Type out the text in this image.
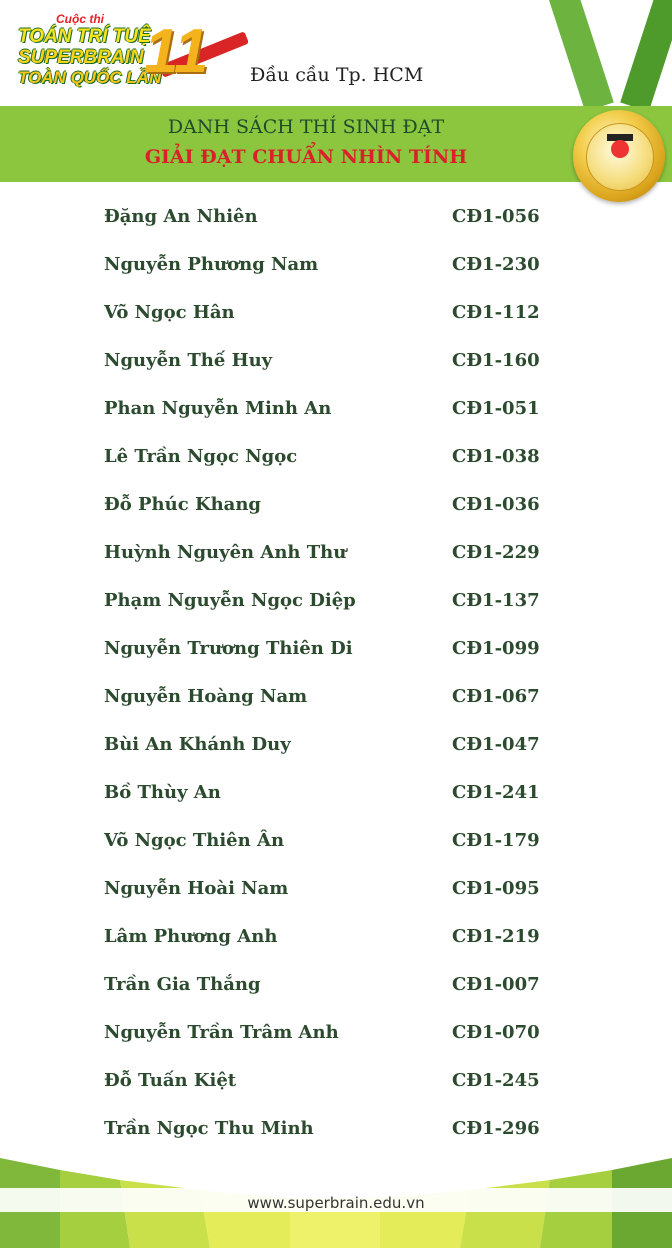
Cuộc thi
TOÁN TRÍ TUỆ
SUPERBRAIN
TOÀN QUỐC LẦN
11 Đầu cầu Tp. HCM
DANH SÁCH THÍ SINH ĐẠT
GIẢI ĐẠT CHUẨN NHÌN TÍNH
Đặng An Nhiên	CĐ1-056
Nguyễn Phương Nam	CĐ1-230
Võ Ngọc Hân	CĐ1-112
Nguyễn Thế Huy	CĐ1-160
Phan Nguyễn Minh An	CĐ1-051
Lê Trần Ngọc Ngọc	CĐ1-038
Đỗ Phúc Khang	CĐ1-036
Huỳnh Nguyên Anh Thư	CĐ1-229
Phạm Nguyễn Ngọc Diệp	CĐ1-137
Nguyễn Trương Thiên Di	CĐ1-099
Nguyễn Hoàng Nam	CĐ1-067
Bùi An Khánh Duy	CĐ1-047
Bồ Thùy An	CĐ1-241
Võ Ngọc Thiên Ân	CĐ1-179
Nguyễn Hoài Nam	CĐ1-095
Lâm Phương Anh	CĐ1-219
Trần Gia Thắng	CĐ1-007
Nguyễn Trần Trâm Anh	CĐ1-070
Đỗ Tuấn Kiệt	CĐ1-245
Trần Ngọc Thu Minh	CĐ1-296
www.superbrain.edu.vn
